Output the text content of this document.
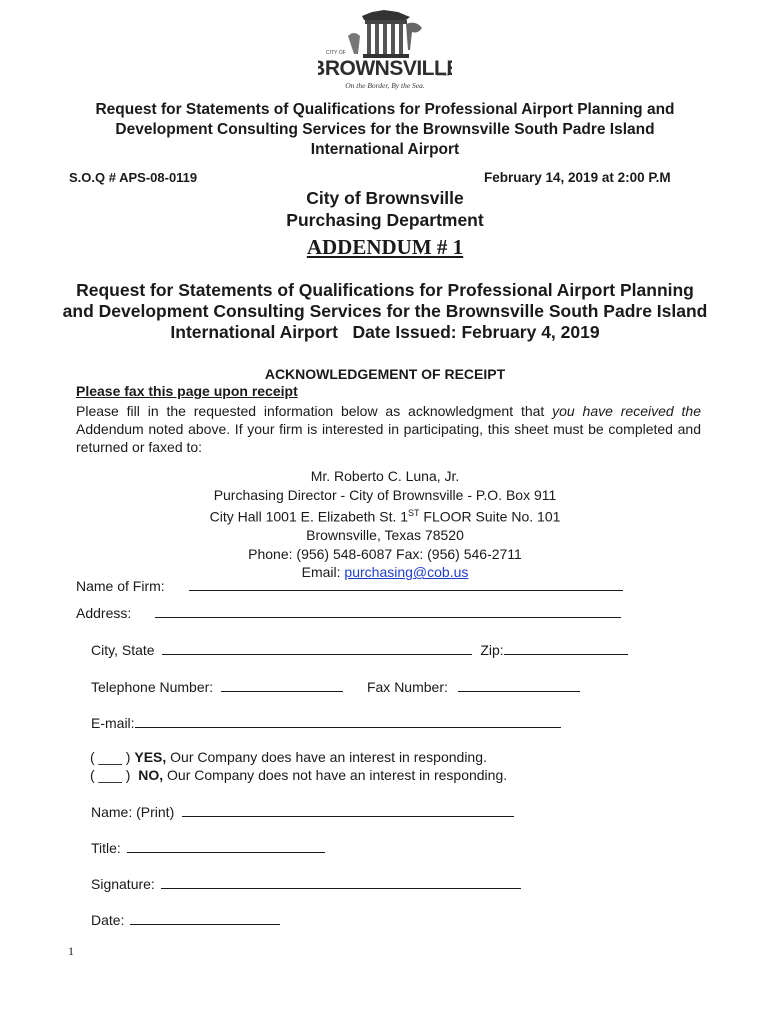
CITY OF
TEXAS
BROWNSVILL
On the Border, By the Sea.
Request for Statements of Qualifications for Professional Airport Planning and
Development Consulting Services for the Brownsville South Padre Island
International Airport
S.O.Q # APS-08-0119	February 14, 2019 at 2:00 P.M
City of Brownsville
Purchasing Department
ADDENDUM # 1
Request for Statements of Qualifications for Professional Airport Planning
and Development Consulting Services for the Brownsville South Padre Island
International Airport   Date Issued: February 4, 2019
ACKNOWLEDGEMENT OF RECEIPT
Please fax this page upon receipt
Please fill in the requested information below as acknowledgment that you have received the Addendum noted above. If your firm is interested in participating, this sheet must be completed and returned or faxed to:
Mr. Roberto C. Luna, Jr.
Purchasing Director - City of Brownsville - P.O. Box 911
City Hall 1001 E. Elizabeth St. 1ST FLOOR Suite No. 101
Brownsville, Texas 78520
Phone: (956) 548-6087 Fax: (956) 546-2711
Email: purchasing@cob.us
Name of Firm:
Address:
City, State	Zip:
Telephone Number:	Fax Number:
E-mail:
( ___ ) YES, Our Company does have an interest in responding.
( ___ )  NO, Our Company does not have an interest in responding.
Name: (Print)
Title:
Signature:
Date:
1
